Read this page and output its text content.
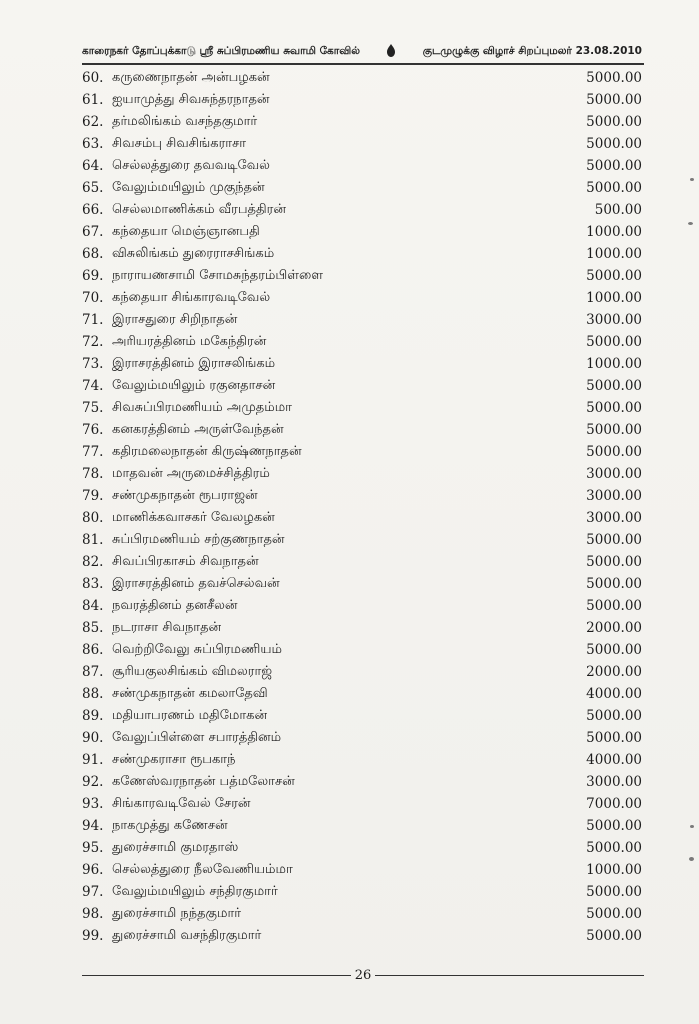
காரைநகர் தோப்புக்காடு ஸ்ரீ சுப்பிரமணிய சுவாமி கோவில்	குடமுழுக்கு விழாச் சிறப்புமலர் 23.08.2010
60. கருணைநாதன் அன்பழகன்	5000.00
61. ஐயாமுத்து சிவசுந்தரநாதன்	5000.00
62. தர்மலிங்கம் வசந்தகுமார்	5000.00
63. சிவசம்பு சிவசிங்கராசா	5000.00
64. செல்லத்துரை தவவடிவேல்	5000.00
65. வேலும்மயிலும் முகுந்தன்	5000.00
66. செல்லமாணிக்கம் வீரபத்திரன்	500.00
67. கந்தையா மெஞ்ஞானபதி	1000.00
68. விசுலிங்கம் துரைராசசிங்கம்	1000.00
69. நாராயணசாமி சோமசுந்தரம்பிள்ளை	5000.00
70. கந்தையா சிங்காரவடிவேல்	1000.00
71. இராசதுரை சிறிநாதன்	3000.00
72. அரியரத்தினம் மகேந்திரன்	5000.00
73. இராசரத்தினம் இராசலிங்கம்	1000.00
74. வேலும்மயிலும் ரகுனதாசன்	5000.00
75. சிவசுப்பிரமணியம் அமுதம்மா	5000.00
76. கனகரத்தினம் அருள்வேந்தன்	5000.00
77. கதிரமலைநாதன் கிருஷ்ணநாதன்	5000.00
78. மாதவன் அருமைச்சித்திரம்	3000.00
79. சண்முகநாதன் ரூபராஜன்	3000.00
80. மாணிக்கவாசகர் வேலழகன்	3000.00
81. சுப்பிரமணியம் சற்குணநாதன்	5000.00
82. சிவப்பிரகாசம் சிவநாதன்	5000.00
83. இராசரத்தினம் தவச்செல்வன்	5000.00
84. நவரத்தினம் தனசீலன்	5000.00
85. நடராசா சிவநாதன்	2000.00
86. வெற்றிவேலு சுப்பிரமணியம்	5000.00
87. சூரியகுலசிங்கம் விமலராஜ்	2000.00
88. சண்முகநாதன் கமலாதேவி	4000.00
89. மதியாபரணம் மதிமோகன்	5000.00
90. வேலுப்பிள்ளை சபாரத்தினம்	5000.00
91. சண்முகராசா ரூபகாந்	4000.00
92. கணேஸ்வரநாதன் பத்மலோசன்	3000.00
93. சிங்காரவடிவேல் சேரன்	7000.00
94. நாகமுத்து கணேசன்	5000.00
95. துரைச்சாமி குமரதாஸ்	5000.00
96. செல்லத்துரை நீலவேணியம்மா	1000.00
97. வேலும்மயிலும் சந்திரகுமார்	5000.00
98. துரைச்சாமி நந்தகுமார்	5000.00
99. துரைச்சாமி வசந்திரகுமார்	5000.00
26
